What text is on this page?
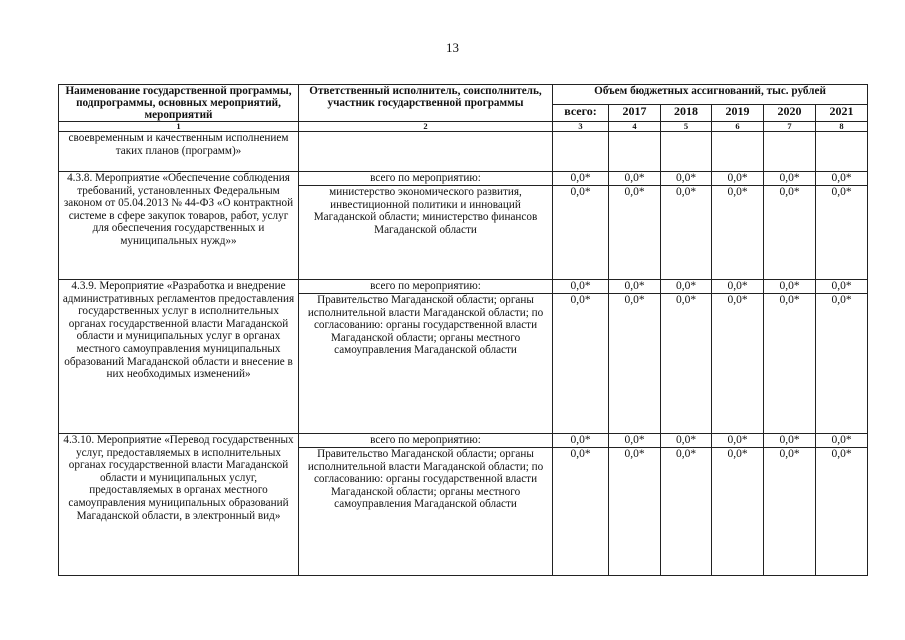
13
Наименование государственной программы, подпрограммы, основных мероприятий, мероприятий	Ответственный исполнитель, соисполнитель, участник государственной программы	Объем бюджетных ассигнований, тыс. рублей					
		всего:	2017	2018	2019	2020	2021
1	2	3	4	5	6	7	8
своевременным и качественным исполнением таких планов (программ)»							
4.3.8. Мероприятие «Обеспечение соблюдения требований, установленных Федеральным законом от 05.04.2013 № 44-ФЗ «О контрактной системе в сфере закупок товаров, работ, услуг для обеспечения государственных и муниципальных нужд»»	всего по мероприятию:	0,0*	0,0*	0,0*	0,0*	0,0*	0,0*
	министерство экономического развития, инвестиционной политики и инноваций Магаданской области; министерство финансов Магаданской области	0,0*	0,0*	0,0*	0,0*	0,0*	0,0*
4.3.9. Мероприятие «Разработка и внедрение административных регламентов предоставления государственных услуг в исполнительных органах государственной власти Магаданской области и муниципальных услуг в органах местного самоуправления муниципальных образований Магаданской области и внесение в них необходимых изменений»	всего по мероприятию:	0,0*	0,0*	0,0*	0,0*	0,0*	0,0*
	Правительство Магаданской области; органы исполнительной власти Магаданской области; по согласованию: органы государственной власти Магаданской области; органы местного самоуправления Магаданской области	0,0*	0,0*	0,0*	0,0*	0,0*	0,0*
4.3.10. Мероприятие «Перевод государственных услуг, предоставляемых в исполнительных органах государственной власти Магаданской области и муниципальных услуг, предоставляемых в органах местного самоуправления муниципальных образований Магаданской области, в электронный вид»	всего по мероприятию:	0,0*	0,0*	0,0*	0,0*	0,0*	0,0*
	Правительство Магаданской области; органы исполнительной власти Магаданской области; по согласованию: органы государственной власти Магаданской области; органы местного самоуправления Магаданской области	0,0*	0,0*	0,0*	0,0*	0,0*	0,0*
